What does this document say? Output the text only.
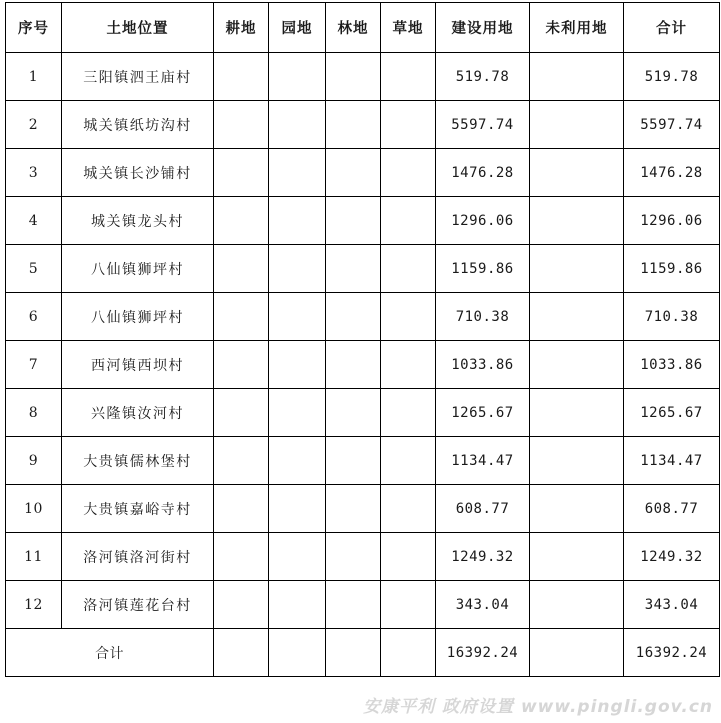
序号	土地位置	耕地	园地	林地	草地	建设用地	未利用地	合计
1	三阳镇泗王庙村					519.78		519.78
2	城关镇纸坊沟村					5597.74		5597.74
3	城关镇长沙铺村					1476.28		1476.28
4	城关镇龙头村					1296.06		1296.06
5	八仙镇狮坪村					1159.86		1159.86
6	八仙镇狮坪村					710.38		710.38
7	西河镇西坝村					1033.86		1033.86
8	兴隆镇汝河村					1265.67		1265.67
9	大贵镇儒林堡村					1134.47		1134.47
10	大贵镇嘉峪寺村					608.77		608.77
11	洛河镇洛河街村					1249.32		1249.32
12	洛河镇莲花台村					343.04		343.04
合计						16392.24		16392.24
安康平利 政府设置 www.pingli.gov.cn
